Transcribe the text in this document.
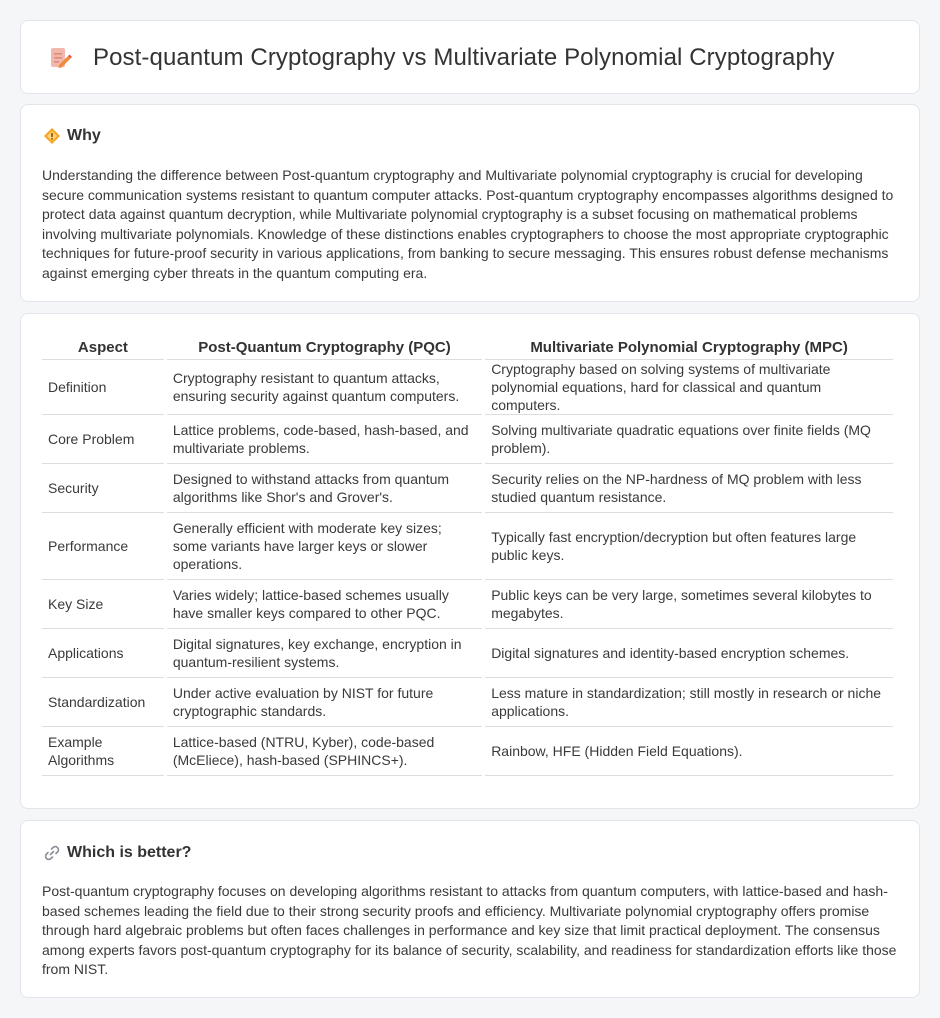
Post-quantum Cryptography vs Multivariate Polynomial Cryptography
Why

Understanding the difference between Post-quantum cryptography and Multivariate polynomial cryptography is crucial for developing secure communication systems resistant to quantum computer attacks. Post-quantum cryptography encompasses algorithms designed to protect data against quantum decryption, while Multivariate polynomial cryptography is a subset focusing on mathematical problems involving multivariate polynomials. Knowledge of these distinctions enables cryptographers to choose the most appropriate cryptographic techniques for future-proof security in various applications, from banking to secure messaging. This ensures robust defense mechanisms against emerging cyber threats in the quantum computing era.

Aspect	Post-Quantum Cryptography (PQC)	Multivariate Polynomial Cryptography (MPC)
Definition	Cryptography resistant to quantum attacks, ensuring security against quantum computers.	Cryptography based on solving systems of multivariate polynomial equations, hard for classical and quantum computers.
Core Problem	Lattice problems, code-based, hash-based, and multivariate problems.	Solving multivariate quadratic equations over finite fields (MQ problem).
Security	Designed to withstand attacks from quantum algorithms like Shor's and Grover's.	Security relies on the NP-hardness of MQ problem with less studied quantum resistance.
Performance	Generally efficient with moderate key sizes; some variants have larger keys or slower operations.	Typically fast encryption/decryption but often features large public keys.
Key Size	Varies widely; lattice-based schemes usually have smaller keys compared to other PQC.	Public keys can be very large, sometimes several kilobytes to megabytes.
Applications	Digital signatures, key exchange, encryption in quantum-resilient systems.	Digital signatures and identity-based encryption schemes.
Standardization	Under active evaluation by NIST for future cryptographic standards.	Less mature in standardization; still mostly in research or niche applications.
Example Algorithms	Lattice-based (NTRU, Kyber), code-based (McEliece), hash-based (SPHINCS+).	Rainbow, HFE (Hidden Field Equations).
Which is better?

Post-quantum cryptography focuses on developing algorithms resistant to attacks from quantum computers, with lattice-based and hash-based schemes leading the field due to their strong security proofs and efficiency. Multivariate polynomial cryptography offers promise through hard algebraic problems but often faces challenges in performance and key size that limit practical deployment. The consensus among experts favors post-quantum cryptography for its balance of security, scalability, and readiness for standardization efforts like those from NIST.
